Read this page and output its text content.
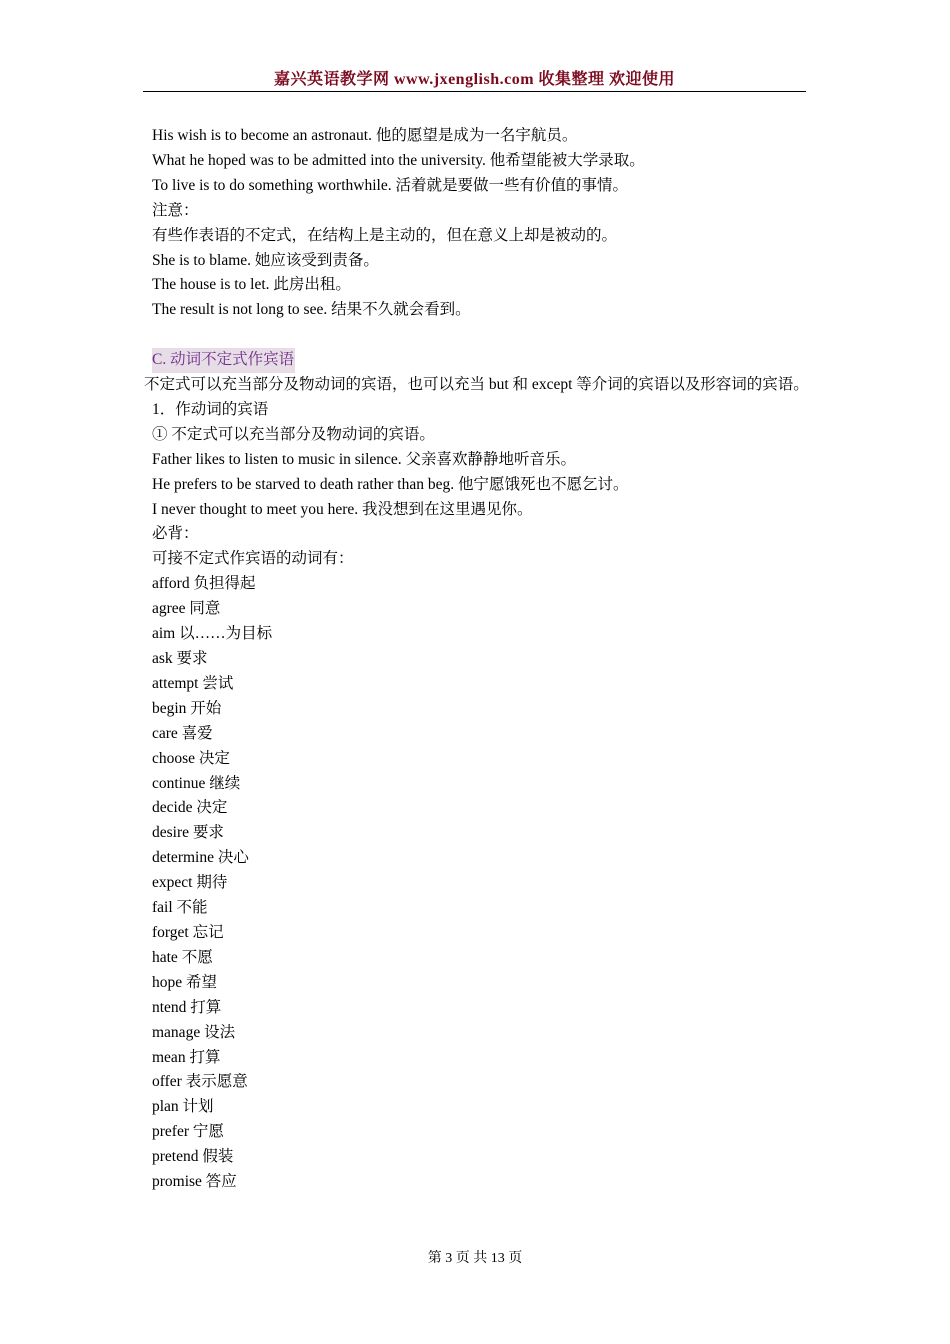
嘉兴英语教学网 www.jxenglish.com 收集整理 欢迎使用
His wish is to become an astronaut. 他的愿望是成为一名宇航员。
What he hoped was to be admitted into the university. 他希望能被大学录取。
To live is to do something worthwhile. 活着就是要做一些有价值的事情。
注意：
有些作表语的不定式，在结构上是主动的，但在意义上却是被动的。
She is to blame. 她应该受到责备。
The house is to let. 此房出租。
The result is not long to see. 结果不久就会看到。
C. 动词不定式作宾语
不定式可以充当部分及物动词的宾语，也可以充当 but 和 except 等介词的宾语以及形容词的宾语。
1．作动词的宾语
① 不定式可以充当部分及物动词的宾语。
Father likes to listen to music in silence. 父亲喜欢静静地听音乐。
He prefers to be starved to death rather than beg. 他宁愿饿死也不愿乞讨。
I never thought to meet you here. 我没想到在这里遇见你。
必背：
可接不定式作宾语的动词有：
afford 负担得起
agree 同意
aim 以……为目标
ask 要求
attempt 尝试
begin 开始
care 喜爱
choose 决定
continue 继续
decide 决定
desire 要求
determine 决心
expect 期待
fail 不能
forget 忘记
hate 不愿
hope 希望
ntend 打算
manage 设法
mean 打算
offer 表示愿意
plan 计划
prefer 宁愿
pretend 假装
promise 答应
第 3 页 共 13 页
